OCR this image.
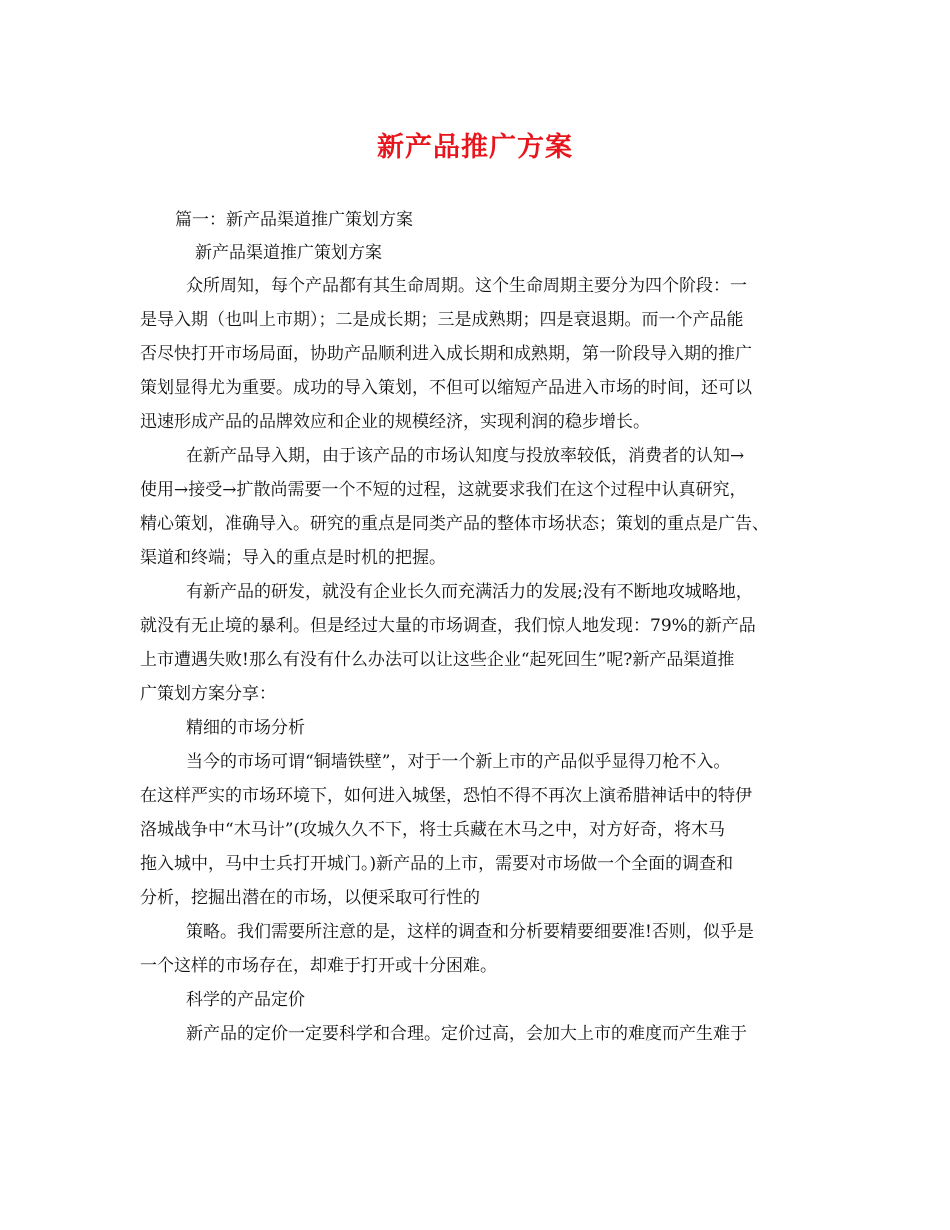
新产品推广方案
篇一：新产品渠道推广策划方案
新产品渠道推广策划方案
众所周知，每个产品都有其生命周期。这个生命周期主要分为四个阶段：一
是导入期（也叫上市期）；二是成长期；三是成熟期；四是衰退期。而一个产品能
否尽快打开市场局面，协助产品顺利进入成长期和成熟期，第一阶段导入期的推广
策划显得尤为重要。成功的导入策划，不但可以缩短产品进入市场的时间，还可以
迅速形成产品的品牌效应和企业的规模经济，实现利润的稳步增长。
在新产品导入期，由于该产品的市场认知度与投放率较低，消费者的认知→
使用→接受→扩散尚需要一个不短的过程，这就要求我们在这个过程中认真研究，
精心策划，准确导入。研究的重点是同类产品的整体市场状态；策划的重点是广告、
渠道和终端；导入的重点是时机的把握。
有新产品的研发，就没有企业长久而充满活力的发展;没有不断地攻城略地，
就没有无止境的暴利。但是经过大量的市场调查，我们惊人地发现：79%的新产品
上市遭遇失败!那么有没有什么办法可以让这些企业“起死回生”呢?新产品渠道推
广策划方案分享：
精细的市场分析
当今的市场可谓“铜墙铁壁”，对于一个新上市的产品似乎显得刀枪不入。
在这样严实的市场环境下，如何进入城堡，恐怕不得不再次上演希腊神话中的特伊
洛城战争中“木马计”(攻城久久不下，将士兵藏在木马之中，对方好奇，将木马
拖入城中，马中士兵打开城门。)新产品的上市，需要对市场做一个全面的调查和
分析，挖掘出潜在的市场，以便采取可行性的
策略。我们需要所注意的是，这样的调查和分析要精要细要准!否则，似乎是
一个这样的市场存在，却难于打开或十分困难。
科学的产品定价
新产品的定价一定要科学和合理。定价过高，会加大上市的难度而产生难于
